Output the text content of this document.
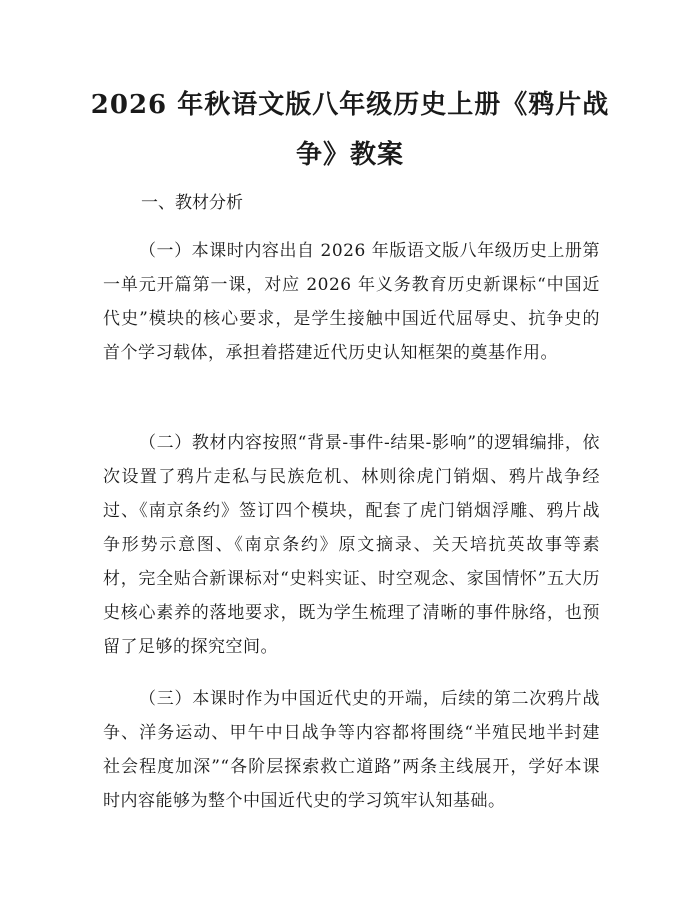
2026 年秋语文版八年级历史上册《鸦片战
争》教案
一、教材分析

（一）本课时内容出自 2026 年版语文版八年级历史上册第一单元开篇第一课，对应 2026 年义务教育历史新课标“中国近代史”模块的核心要求，是学生接触中国近代屈辱史、抗争史的首个学习载体，承担着搭建近代历史认知框架的奠基作用。

（二）教材内容按照“背景-事件-结果-影响”的逻辑编排，依次设置了鸦片走私与民族危机、林则徐虎门销烟、鸦片战争经过、《南京条约》签订四个模块，配套了虎门销烟浮雕、鸦片战争形势示意图、《南京条约》原文摘录、关天培抗英故事等素材，完全贴合新课标对“史料实证、时空观念、家国情怀”五大历史核心素养的落地要求，既为学生梳理了清晰的事件脉络，也预留了足够的探究空间。

（三）本课时作为中国近代史的开端，后续的第二次鸦片战争、洋务运动、甲午中日战争等内容都将围绕“半殖民地半封建社会程度加深”“各阶层探索救亡道路”两条主线展开，学好本课时内容能够为整个中国近代史的学习筑牢认知基础。
